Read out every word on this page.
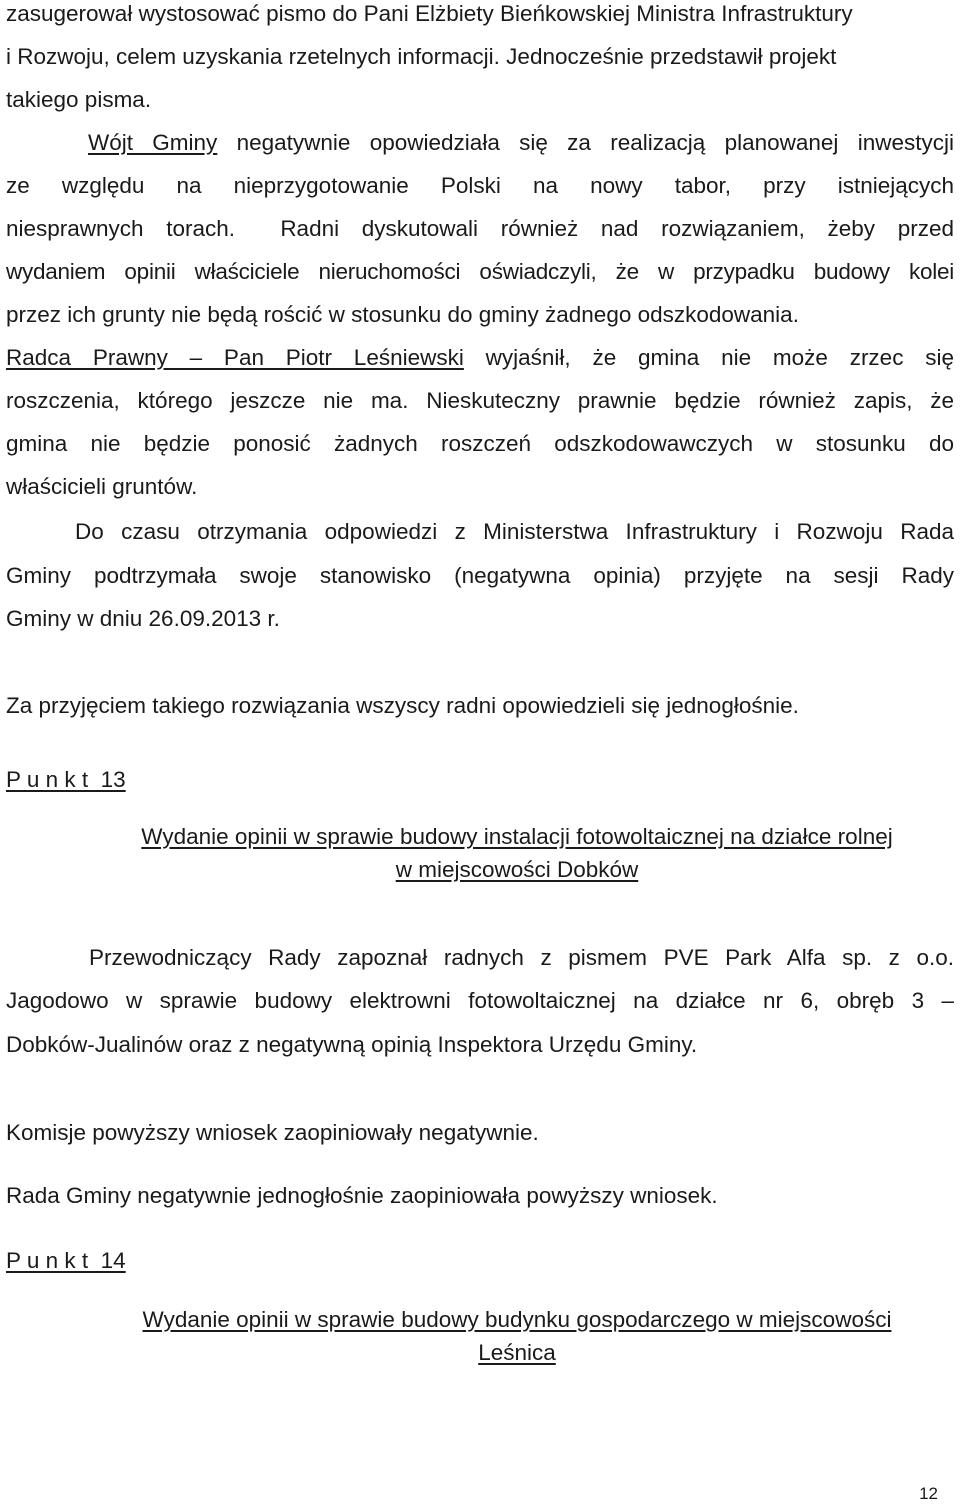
zasugerował wystosować pismo do Pani Elżbiety Bieńkowskiej Ministra Infrastruktury

i Rozwoju, celem uzyskania rzetelnych informacji. Jednocześnie przedstawił projekt

takiego pisma.

Wójt Gminy negatywnie opowiedziała się za realizacją planowanej inwestycji

ze względu na nieprzygotowanie Polski na nowy tabor, przy istniejących

niesprawnych torach.  Radni dyskutowali również nad rozwiązaniem, żeby przed

wydaniem opinii właściciele nieruchomości oświadczyli, że w przypadku budowy kolei

przez ich grunty nie będą rościć w stosunku do gminy żadnego odszkodowania.

Radca Prawny – Pan Piotr Leśniewski wyjaśnił, że gmina nie może zrzec się

roszczenia, którego jeszcze nie ma. Nieskuteczny prawnie będzie również zapis, że

gmina nie będzie ponosić żadnych roszczeń odszkodowawczych w stosunku do

właścicieli gruntów.

Do czasu otrzymania odpowiedzi z Ministerstwa Infrastruktury i Rozwoju Rada

Gminy podtrzymała swoje stanowisko (negatywna opinia) przyjęte na sesji Rady

Gminy w dniu 26.09.2013 r.

Za przyjęciem takiego rozwiązania wszyscy radni opowiedzieli się jednogłośnie.

P u n k t  13

Wydanie opinii w sprawie budowy instalacji fotowoltaicznej na działce rolnej

w miejscowości Dobków

Przewodniczący Rady zapoznał radnych z pismem PVE Park Alfa sp. z o.o.

Jagodowo w sprawie budowy elektrowni fotowoltaicznej na działce nr 6, obręb 3 –

Dobków-Jualinów oraz z negatywną opinią Inspektora Urzędu Gminy.

Komisje powyższy wniosek zaopiniowały negatywnie.

Rada Gminy negatywnie jednogłośnie zaopiniowała powyższy wniosek.

P u n k t  14

Wydanie opinii w sprawie budowy budynku gospodarczego w miejscowości

Leśnica

12
